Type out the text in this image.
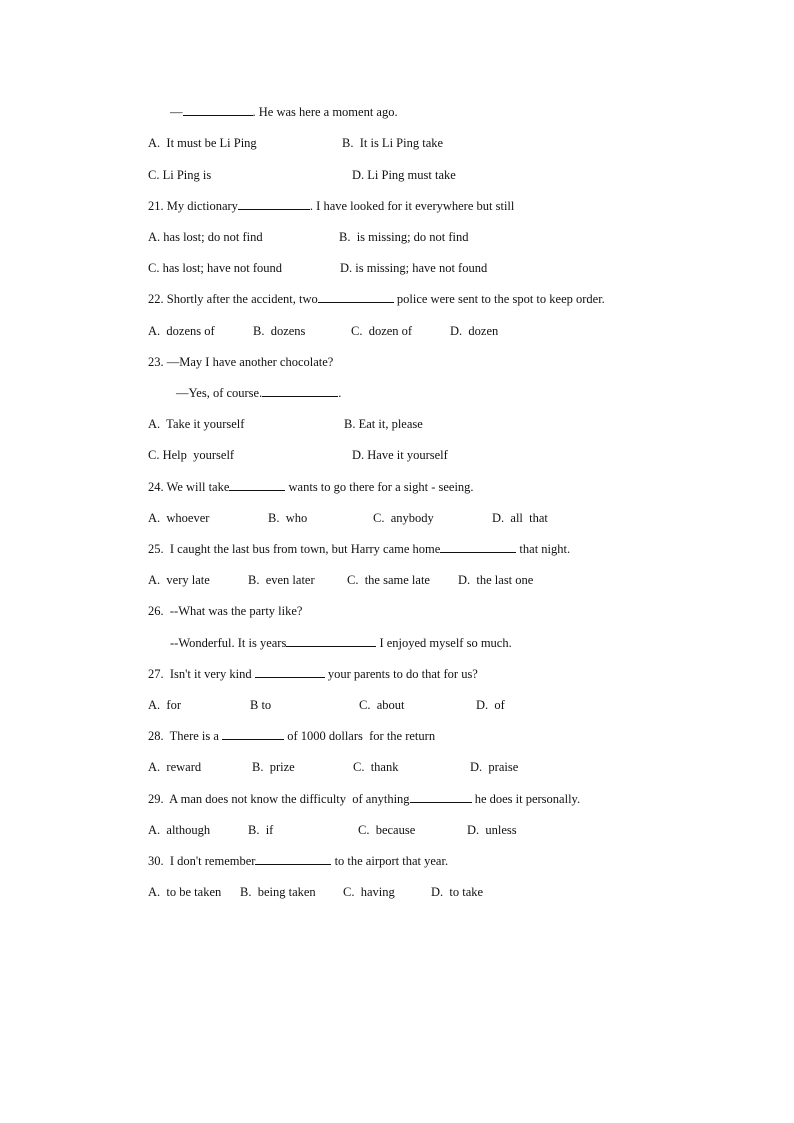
—	. He was here a moment ago.
A.  It must be Li Ping	B.  It is Li Ping take
C. Li Ping is	D. Li Ping must take
21. My dictionary	. I have looked for it everywhere but still
A. has lost; do not find	B.  is missing; do not find
C. has lost; have not found	D. is missing; have not found
22. Shortly after the accident, two	police were sent to the spot to keep order.
A.  dozens of	B.  dozens	C.  dozen of	D.  dozen
23. —May I have another chocolate?
—Yes, of course.	.
A.  Take it yourself	B. Eat it, please
C. Help  yourself	D. Have it yourself
24. We will take	wants to go there for a sight - seeing.
A.  whoever	B.  who	C.  anybody	D.  all  that
25.  I caught the last bus from town, but Harry came home	that night.
A.  very late	B.  even later	C.  the same late D.  the last one
26.  --What was the party like?
--Wonderful. It is years	I enjoyed myself so much.
27.  Isn't it very kind	your parents to do that for us?
A.  for	B to	C.  about	D.  of
28.  There is a	of 1000 dollars  for the return
A.  reward	B.  prize	C.  thank	D.  praise
29.  A man does not know the difficulty  of anything	he does it personally.
A.  although	B.  if	C.  because	D.  unless
30.  I don't remember	to the airport that year.
A.  to be taken B.  being taken C.  having	D.  to take
